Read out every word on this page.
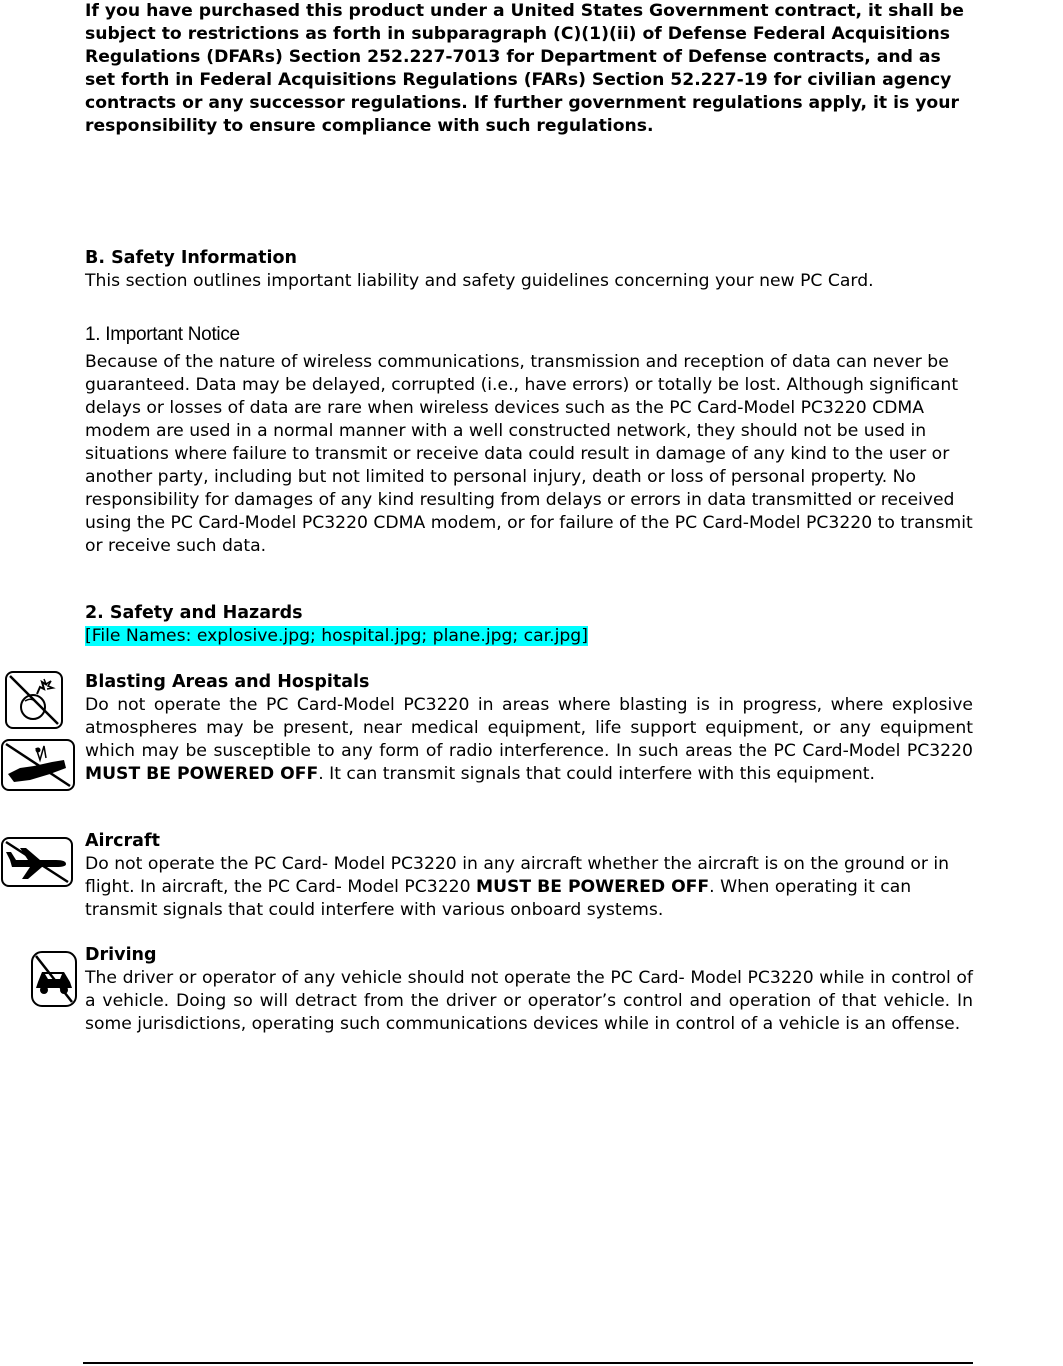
If you have purchased this product under a United States Government contract, it shall be subject to restrictions as forth in subparagraph (C)(1)(ii) of Defense Federal Acquisitions Regulations (DFARs) Section 252.227-7013 for Department of Defense contracts, and as set forth in Federal Acquisitions Regulations (FARs) Section 52.227-19 for civilian agency contracts or any successor regulations. If further government regulations apply, it is your responsibility to ensure compliance with such regulations.

B. Safety Information

This section outlines important liability and safety guidelines concerning your new PC Card.

1. Important Notice

Because of the nature of wireless communications, transmission and reception of data can never be guaranteed. Data may be delayed, corrupted (i.e., have errors) or totally be lost. Although significant delays or losses of data are rare when wireless devices such as the PC Card-Model PC3220 CDMA modem are used in a normal manner with a well constructed network, they should not be used in situations where failure to transmit or receive data could result in damage of any kind to the user or another party, including but not limited to personal injury, death or loss of personal property. No responsibility for damages of any kind resulting from delays or errors in data transmitted or received using the PC Card-Model PC3220 CDMA modem, or for failure of the PC Card-Model PC3220 to transmit or receive such data.

2. Safety and Hazards

[File Names: explosive.jpg; hospital.jpg; plane.jpg; car.jpg]

Blasting Areas and Hospitals

Do not operate the PC Card-Model PC3220 in areas where blasting is in progress, where explosive atmospheres may be present, near medical equipment, life support equipment, or any equipment which may be susceptible to any form of radio interference. In such areas the PC Card-Model PC3220 MUST BE POWERED OFF. It can transmit signals that could interfere with this equipment.

Aircraft

Do not operate the PC Card- Model PC3220 in any aircraft whether the aircraft is on the ground or in flight. In aircraft, the PC Card- Model PC3220 MUST BE POWERED OFF. When operating it can transmit signals that could interfere with various onboard systems.

Driving

The driver or operator of any vehicle should not operate the PC Card- Model PC3220 while in control of a vehicle. Doing so will detract from the driver or operator’s control and operation of that vehicle. In some jurisdictions, operating such communications devices while in control of a vehicle is an offense.
